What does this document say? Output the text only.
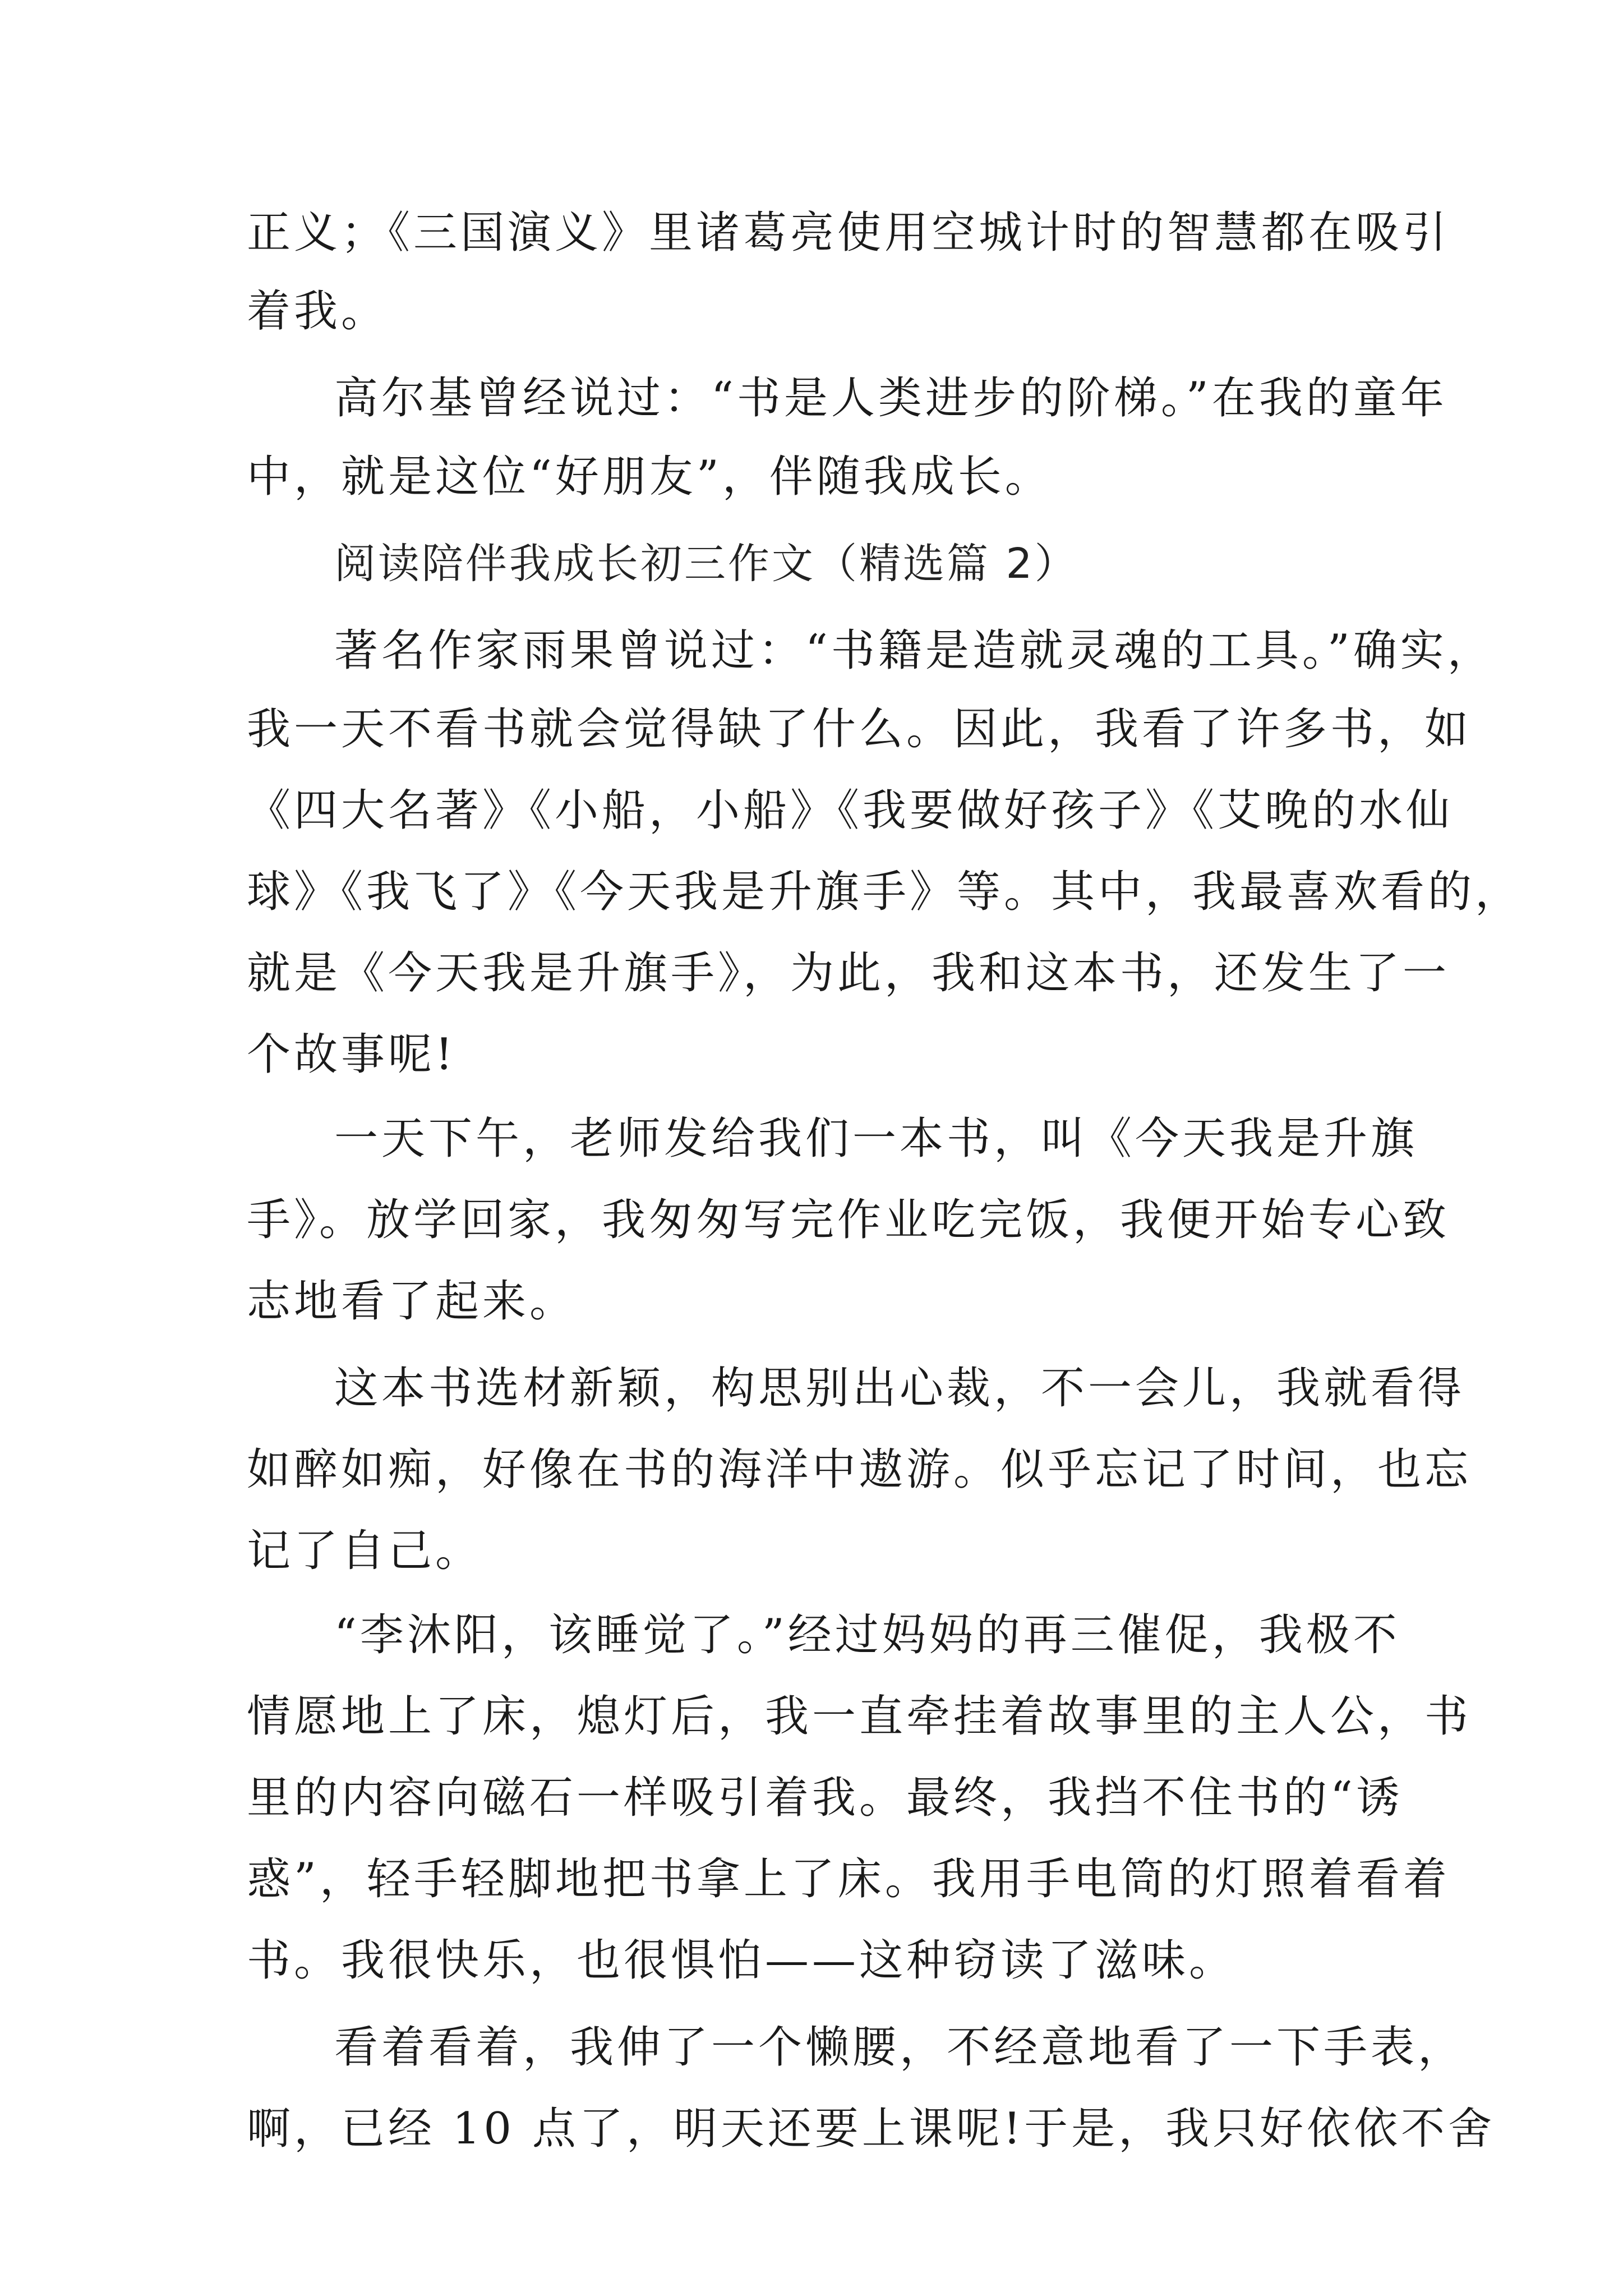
正义；《三国演义》里诸葛亮使用空城计时的智慧都在吸引
着我。
高尔基曾经说过：“书是人类进步的阶梯。”在我的童年
中，就是这位“好朋友”，伴随我成长。
阅读陪伴我成长初三作文（精选篇 2）
著名作家雨果曾说过：“书籍是造就灵魂的工具。”确实，
我一天不看书就会觉得缺了什么。因此，我看了许多书，如
《四大名著》《小船，小船》《我要做好孩子》《艾晚的水仙
球》《我飞了》《今天我是升旗手》等。其中，我最喜欢看的，
就是《今天我是升旗手》，为此，我和这本书，还发生了一
个故事呢!
一天下午，老师发给我们一本书，叫《今天我是升旗
手》。放学回家，我匆匆写完作业吃完饭，我便开始专心致
志地看了起来。
这本书选材新颖，构思别出心裁，不一会儿，我就看得
如醉如痴，好像在书的海洋中遨游。似乎忘记了时间，也忘
记了自己。
“李沐阳，该睡觉了。”经过妈妈的再三催促，我极不
情愿地上了床，熄灯后，我一直牵挂着故事里的主人公，书
里的内容向磁石一样吸引着我。最终，我挡不住书的“诱
惑”，轻手轻脚地把书拿上了床。我用手电筒的灯照着看着
书。我很快乐，也很惧怕——这种窃读了滋味。
看着看着，我伸了一个懒腰，不经意地看了一下手表，
啊，已经 10 点了，明天还要上课呢!于是，我只好依依不舍
